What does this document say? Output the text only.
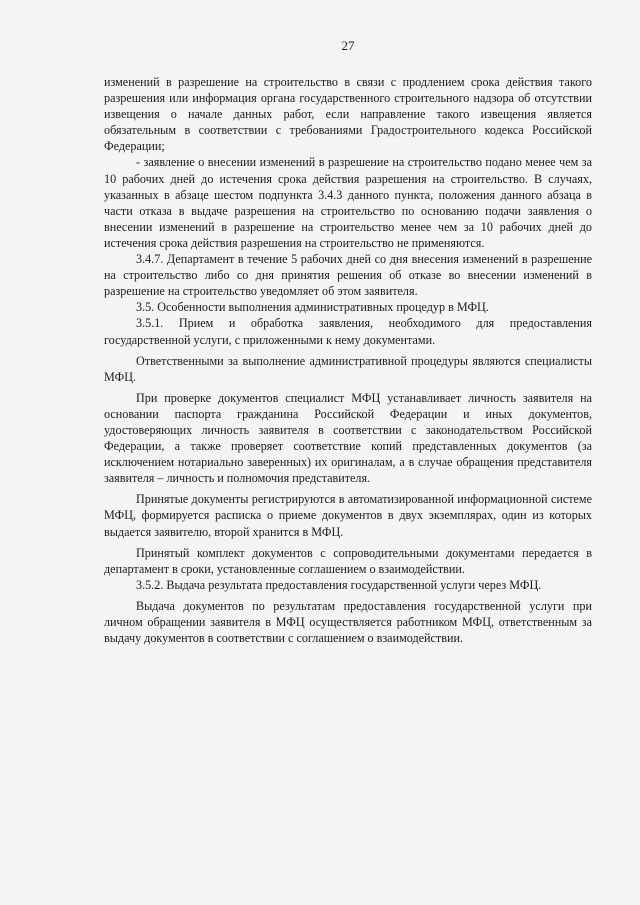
27

изменений в разрешение на строительство в связи с продлением срока действия такого разрешения или информация органа государственного строительного надзора об отсутствии извещения о начале данных работ, если направление такого извещения является обязательным в соответствии с требованиями Градостроительного кодекса Российской Федерации;

- заявление о внесении изменений в разрешение на строительство подано менее чем за 10 рабочих дней до истечения срока действия разрешения на строительство. В случаях, указанных в абзаце шестом подпункта 3.4.3 данного пункта, положения данного абзаца в части отказа в выдаче разрешения на строительство по основанию подачи заявления о внесении изменений в разрешение на строительство менее чем за 10 рабочих дней до истечения срока действия разрешения на строительство не применяются.

3.4.7. Департамент в течение 5 рабочих дней со дня внесения изменений в разрешение на строительство либо со дня принятия решения об отказе во внесении изменений в разрешение на строительство уведомляет об этом заявителя.

3.5. Особенности выполнения административных процедур в МФЦ.

3.5.1. Прием и обработка заявления, необходимого для предоставления государственной услуги, с приложенными к нему документами.

Ответственными за выполнение административной процедуры являются специалисты МФЦ.

При проверке документов специалист МФЦ устанавливает личность заявителя на основании паспорта гражданина Российской Федерации и иных документов, удостоверяющих личность заявителя в соответствии с законодательством Российской Федерации, а также проверяет соответствие копий представленных документов (за исключением нотариально заверенных) их оригиналам, а в случае обращения представителя заявителя – личность и полномочия представителя.

Принятые документы регистрируются в автоматизированной информационной системе МФЦ, формируется расписка о приеме документов в двух экземплярах, один из которых выдается заявителю, второй хранится в МФЦ.

Принятый комплект документов с сопроводительными документами передается в департамент в сроки, установленные соглашением о взаимодействии.

3.5.2. Выдача результата предоставления государственной услуги через МФЦ.

Выдача документов по результатам предоставления государственной услуги при личном обращении заявителя в МФЦ осуществляется работником МФЦ, ответственным за выдачу документов в соответствии с соглашением о взаимодействии.
